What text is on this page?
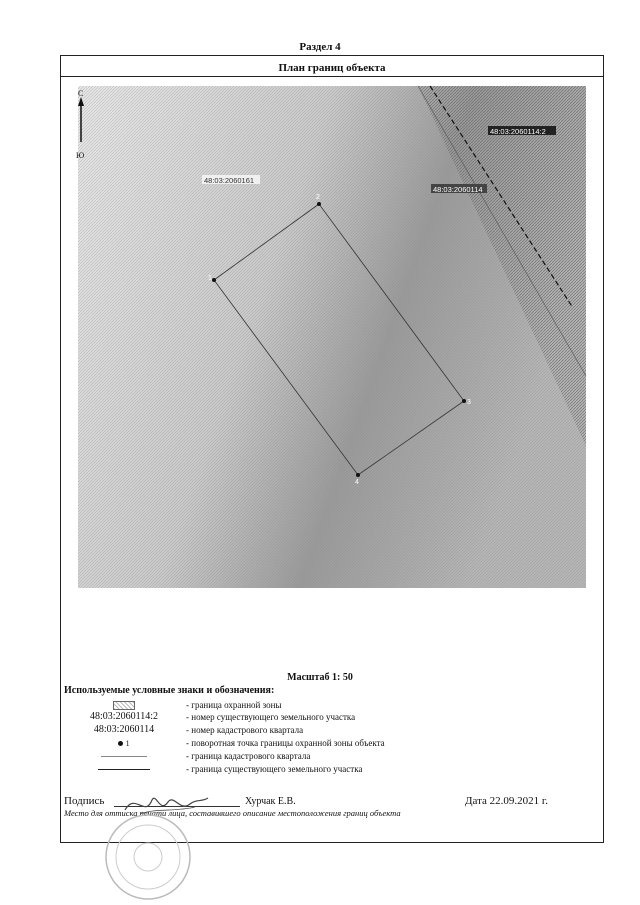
Раздел 4
План границ объекта
2
1
3
4
48:03:2060114:2
48:03:2060114
48:03:2060161
С
Ю
Масштаб 1: 50
Используемые условные знаки и обозначения:
- граница охранной зоны
48:03:2060114:2	- номер существующего земельного участка
48:03:2060114	- номер кадастрового квартала
1	- поворотная точка границы охранной зоны объекта
- граница кадастрового квартала
- граница существующего земельного участка
Подпись	Хурчак Е.В.	Дата 22.09.2021 г.
Место для оттиска печати лица, составившего описание местоположения границ объекта
